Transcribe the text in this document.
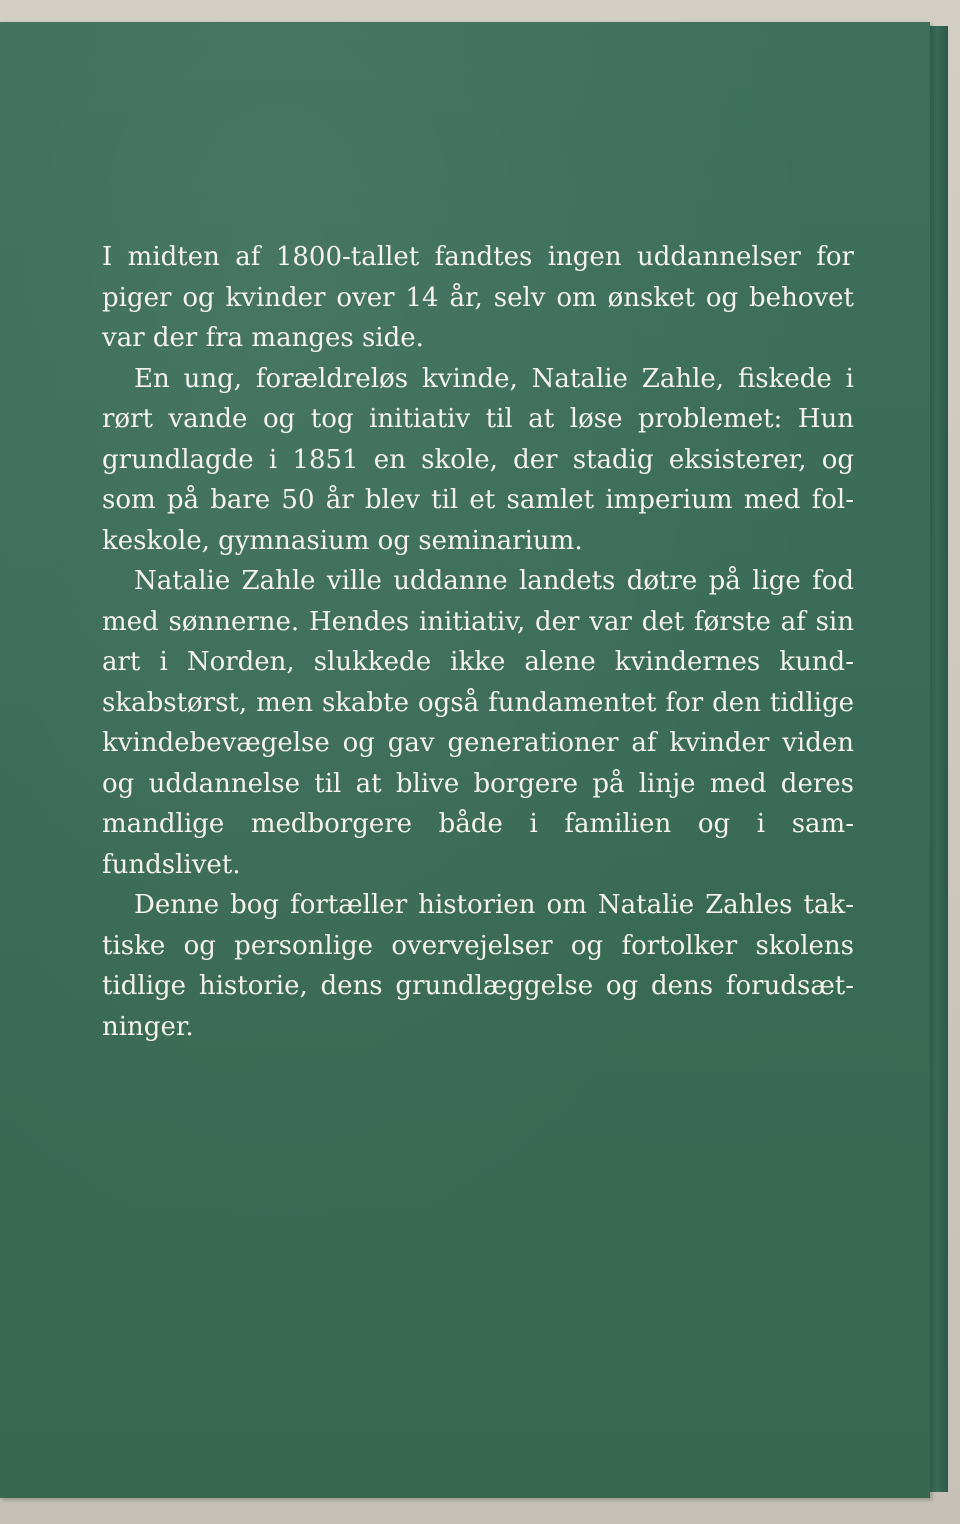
I midten af 1800-tallet fandtes ingen uddannelser for piger og kvinder over 14 år, selv om ønsket og behovet var der fra manges side.

En ung, forældreløs kvinde, Natalie Zahle, fiskede i rørt vande og tog initiativ til at løse problemet: Hun grundlagde i 1851 en skole, der stadig eksisterer, og som på bare 50 år blev til et samlet imperium med folkeskole, gymnasium og seminarium.

Natalie Zahle ville uddanne landets døtre på lige fod med sønnerne. Hendes initiativ, der var det første af sin art i Norden, slukkede ikke alene kvindernes kundskabstørst, men skabte også fundamentet for den tidlige kvindebevægelse og gav generationer af kvinder viden og uddannelse til at blive borgere på linje med deres mandlige medborgere både i familien og i samfundslivet.

Denne bog fortæller historien om Natalie Zahles taktiske og personlige overvejelser og fortolker skolens tidlige historie, dens grundlæggelse og dens forudsætninger.
